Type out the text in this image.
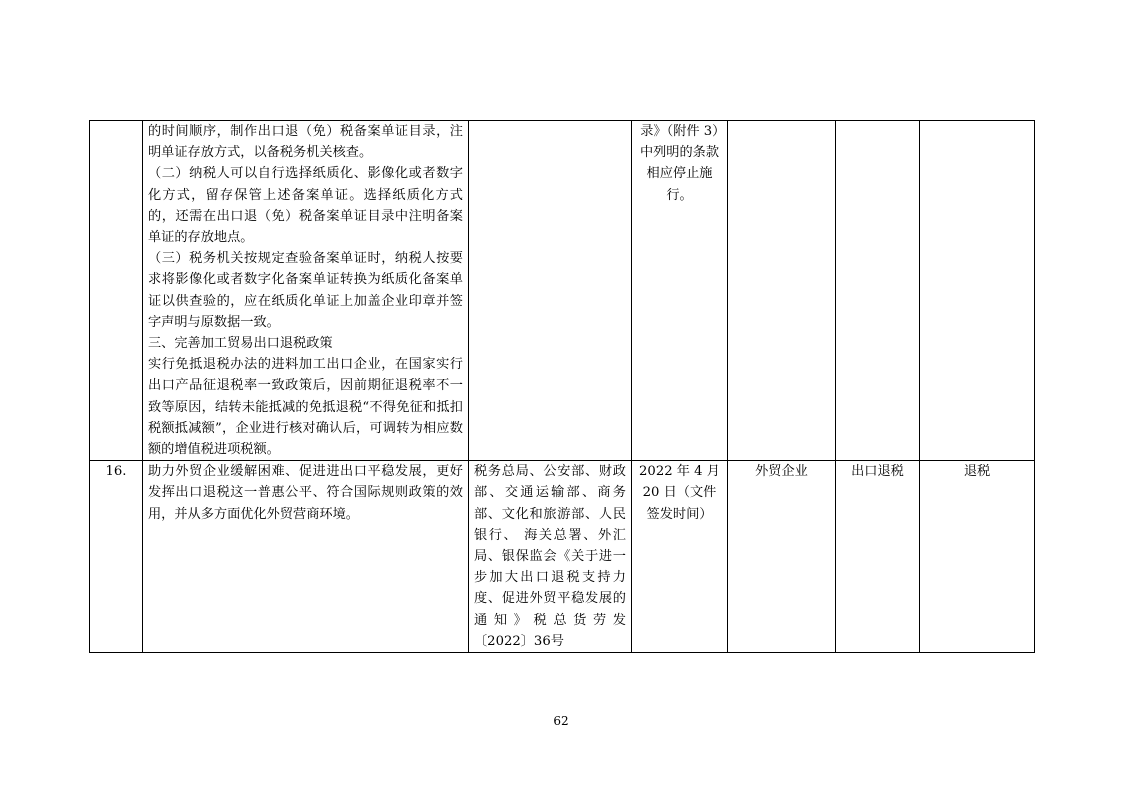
	的时间顺序，制作出口退（免）税备案单证目录，注明单证存放方式，以备税务机关核查。
（二）纳税人可以自行选择纸质化、影像化或者数字化方式，留存保管上述备案单证。选择纸质化方式的，还需在出口退（免）税备案单证目录中注明备案单证的存放地点。
（三）税务机关按规定查验备案单证时，纳税人按要求将影像化或者数字化备案单证转换为纸质化备案单证以供查验的，应在纸质化单证上加盖企业印章并签字声明与原数据一致。
三、完善加工贸易出口退税政策
实行免抵退税办法的进料加工出口企业，在国家实行出口产品征退税率一致政策后，因前期征退税率不一致等原因，结转未能抵减的免抵退税“不得免征和抵扣税额抵减额”，企业进行核对确认后，可调转为相应数额的增值税进项税额。		录》（附件 3）中列明的条款相应停止施行。			
16.	助力外贸企业缓解困难、促进进出口平稳发展，更好发挥出口退税这一普惠公平、符合国际规则政策的效用，并从多方面优化外贸营商环境。	税务总局、公安部、财政部、交通运输部、商务部、文化和旅游部、人民银行、 海关总署、外汇局、银保监会《关于进一步加大出口退税支持力度、促进外贸平稳发展的通知》税总货劳发〔2022〕36号	2022 年 4 月 20 日（文件签发时间）	外贸企业	出口退税	退税
62
